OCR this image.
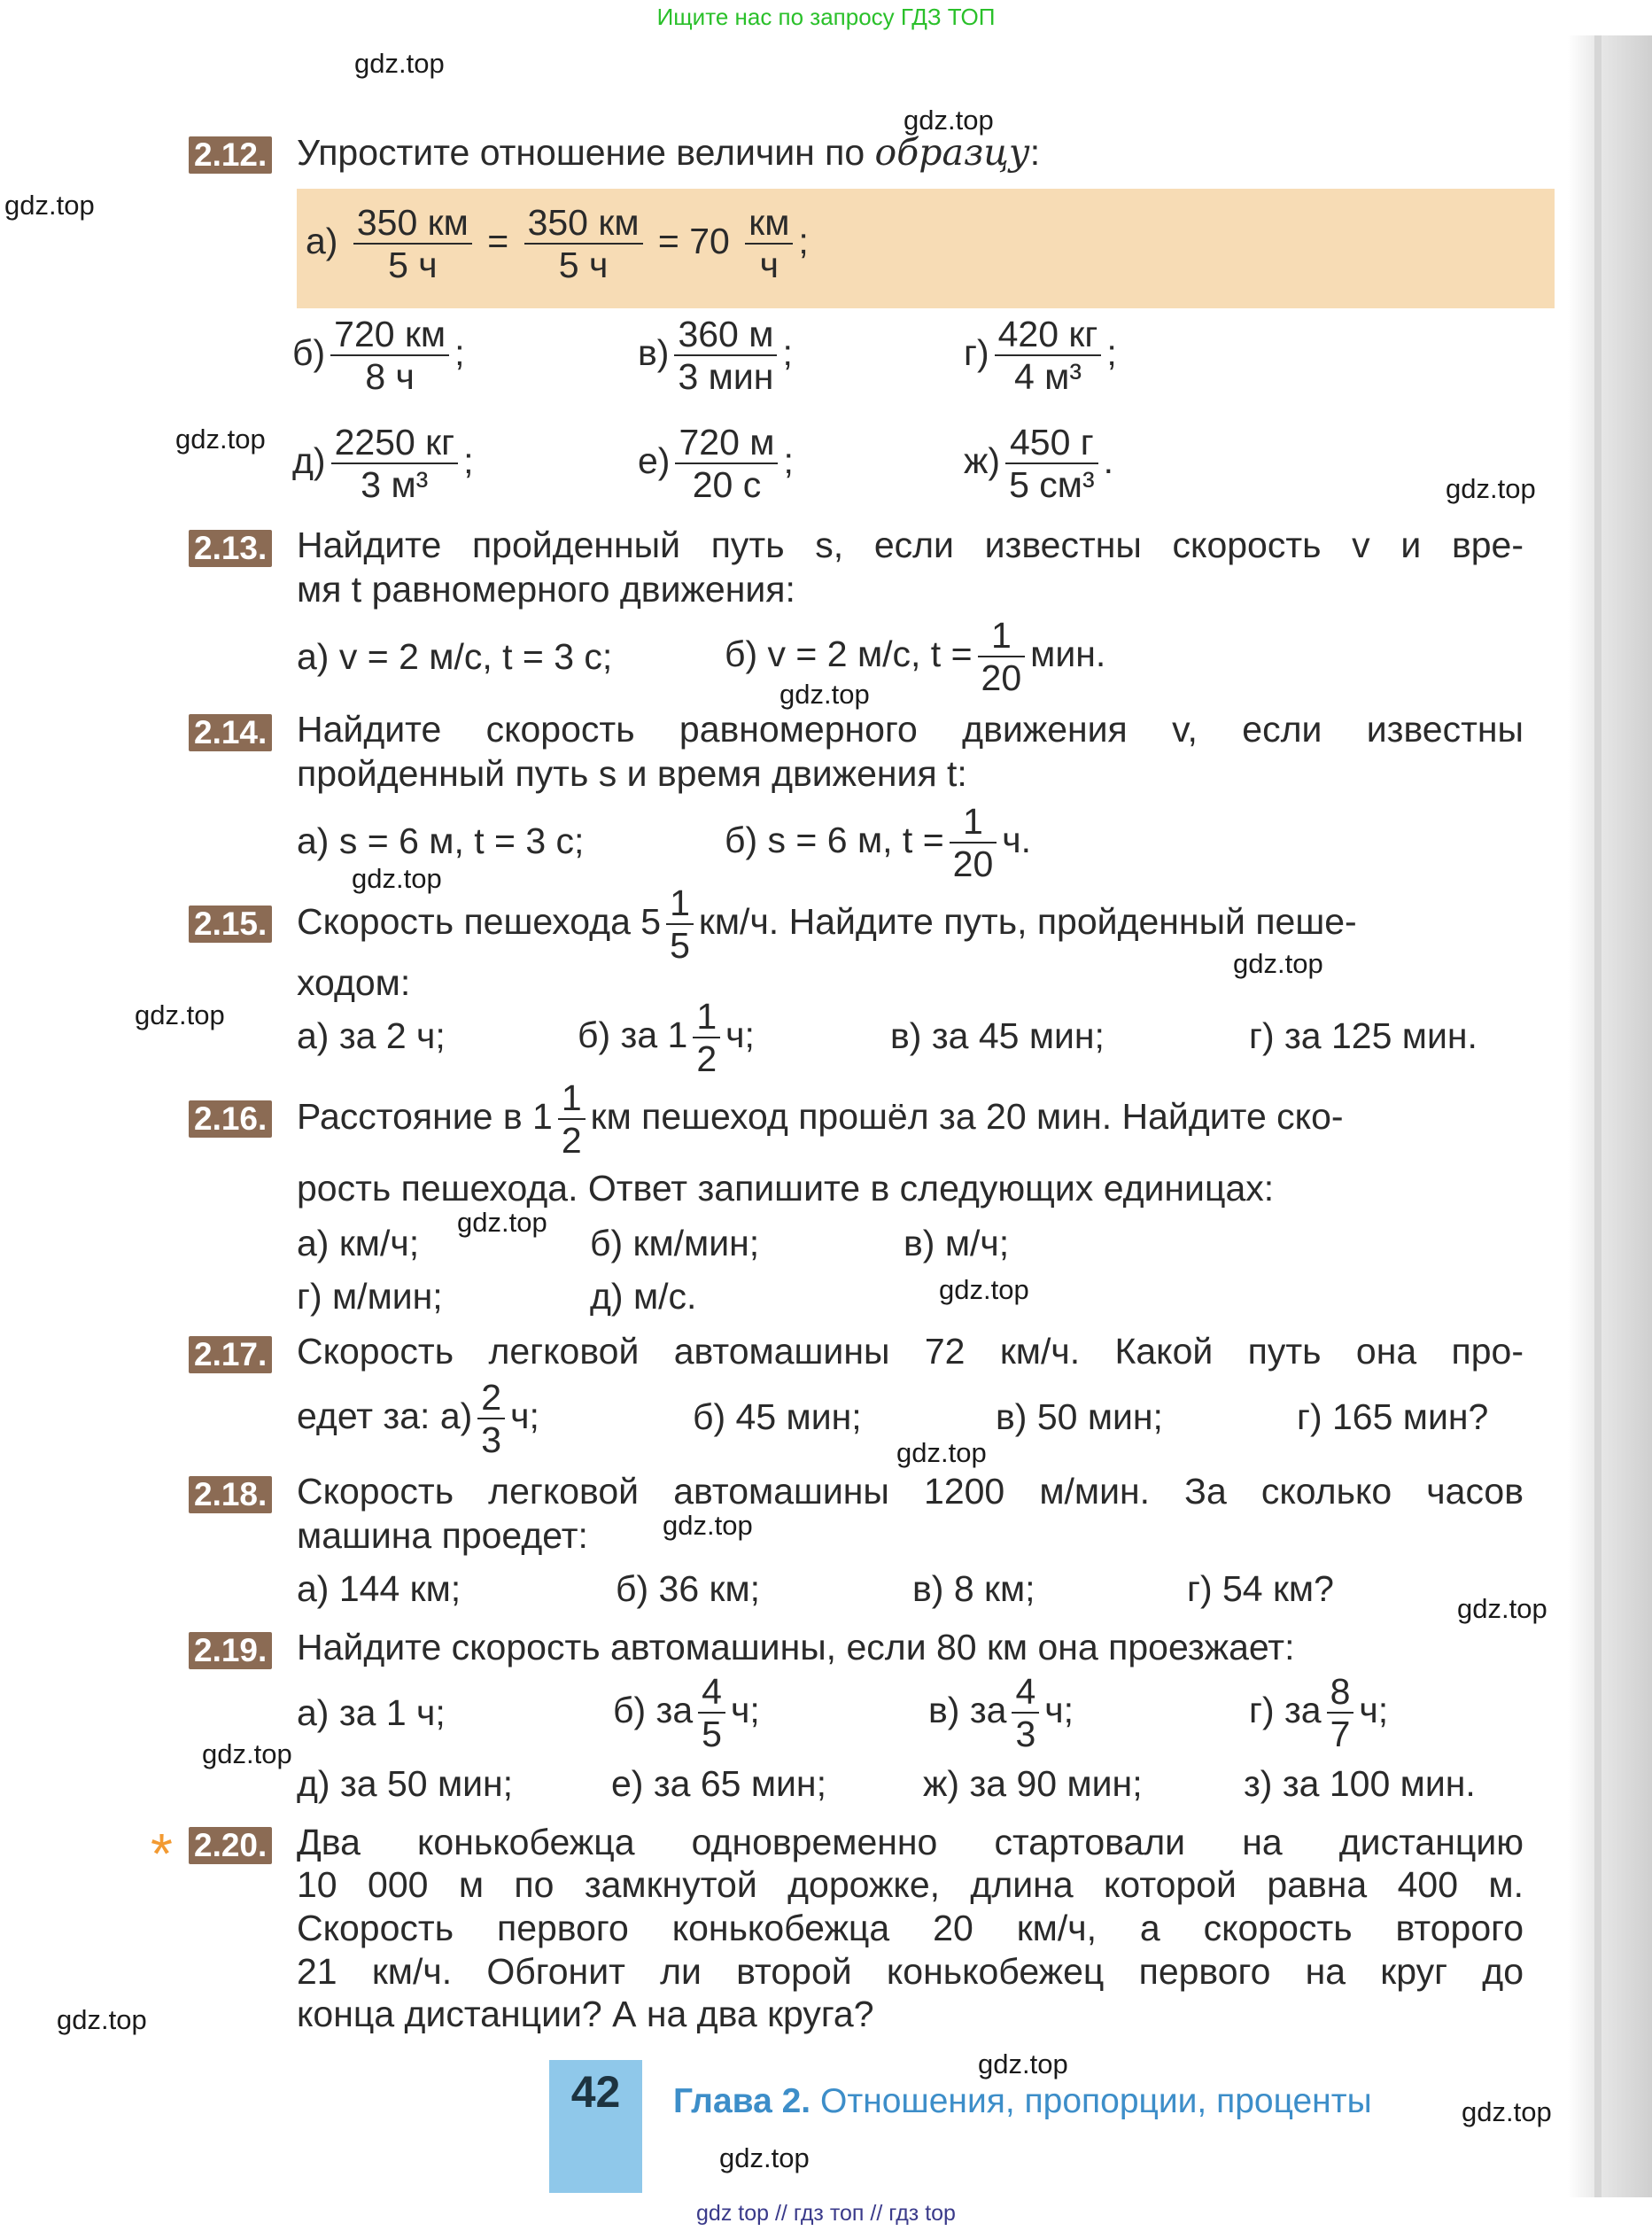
Ищите нас по запросу ГДЗ ТОП
gdz.top
gdz.top
gdz.top
gdz.top
gdz.top
gdz.top
gdz.top
gdz.top
gdz.top
gdz.top
gdz.top
gdz.top
gdz.top
gdz.top
gdz.top
gdz.top
gdz.top
gdz.top
gdz.top
2.12. Упростите отношение величин по образцу:
$а) \frac{350 км}{5 ч} = \frac{350 км}{5 ч} = 70 \frac{км}{ч}$ ;
$б) \frac{720 км}{8 ч}$ ;	$в) \frac{360 м}{\text{3 мин}}$ ;	$г) \frac{420 кг}{\text{4 м³}}$ ;
$д) \frac{2250 кг}{\text{3 м³}}$ ;	$е) \frac{720 м}{20 с}$ ;	$ж) \frac{450 г}{\text{5 см³}}$ .
2.13. Найдите пройденный путь s, если известны скорость v и вре-
мя t равномерного движения:
а) v = 2 м/с, t = 3 с;	б) v = 2 м/с, $t = \frac{1}{20}$ мин.
2.14. Найдите скорость равномерного движения v, если известны
пройденный путь s и время движения t:
а) s = 6 м, t = 3 с;	б) s = 6 м, $t = \frac{1}{20} ч$.
2.15. Скорость пешехода $5 \frac{1}{5} км/ч$. Найдите путь, пройденный пеше-
ходом:
а) за 2 ч;	б) за $1 \frac{1}{2} ч$;	в) за 45 мин;	г) за 125 мин.
2.16. Расстояние в $1 \frac{1}{2}$ км пешеход прошёл за 20 мин. Найдите ско-
рость пешехода. Ответ запишите в следующих единицах:
а) км/ч;	б) км/мин;	в) м/ч;
г) м/мин;	д) м/с.
2.17. Скорость легковой автомашины 72 км/ч. Какой путь она про-
едет за: $а) \frac{2}{3} ч$;	б) 45 мин;	в) 50 мин;	г) 165 мин?
2.18. Скорость легковой автомашины 1200 м/мин. За сколько часов
машина проедет:
а) 144 км;	б) 36 км;	в) 8 км;	г) 54 км?
2.19. Найдите скорость автомашины, если 80 км она проезжает:
а) за 1 ч;	б) за $\frac{4}{5} ч$;	в) за $\frac{4}{3} ч$;	г) за $\frac{8}{7} ч$;
д) за 50 мин;	е) за 65 мин;	ж) за 90 мин;	з) за 100 мин.
* 2.20. Два конькобежца одновременно стартовали на дистанцию
10 000 м по замкнутой дорожке, длина которой равна 400 м.
Скорость первого конькобежца 20 км/ч, а скорость второго
21 км/ч. Обгонит ли второй конькобежец первого на круг до
конца дистанции? А на два круга?
42	Глава 2. Отношения, пропорции, проценты
gdz top // гдз топ // гдз top
